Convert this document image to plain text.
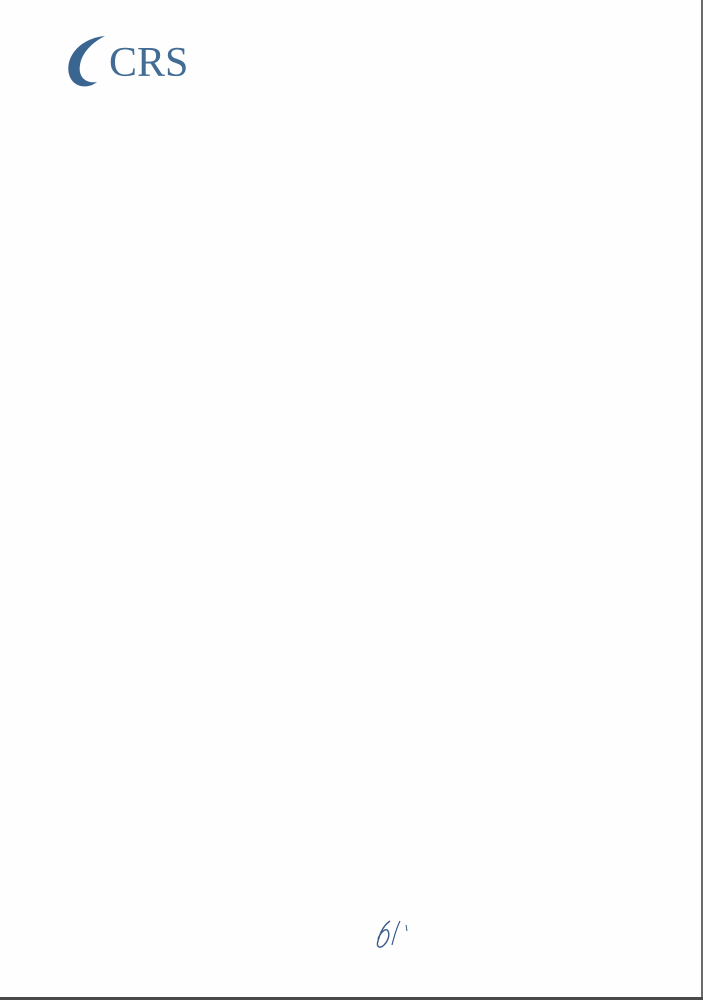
CRS
